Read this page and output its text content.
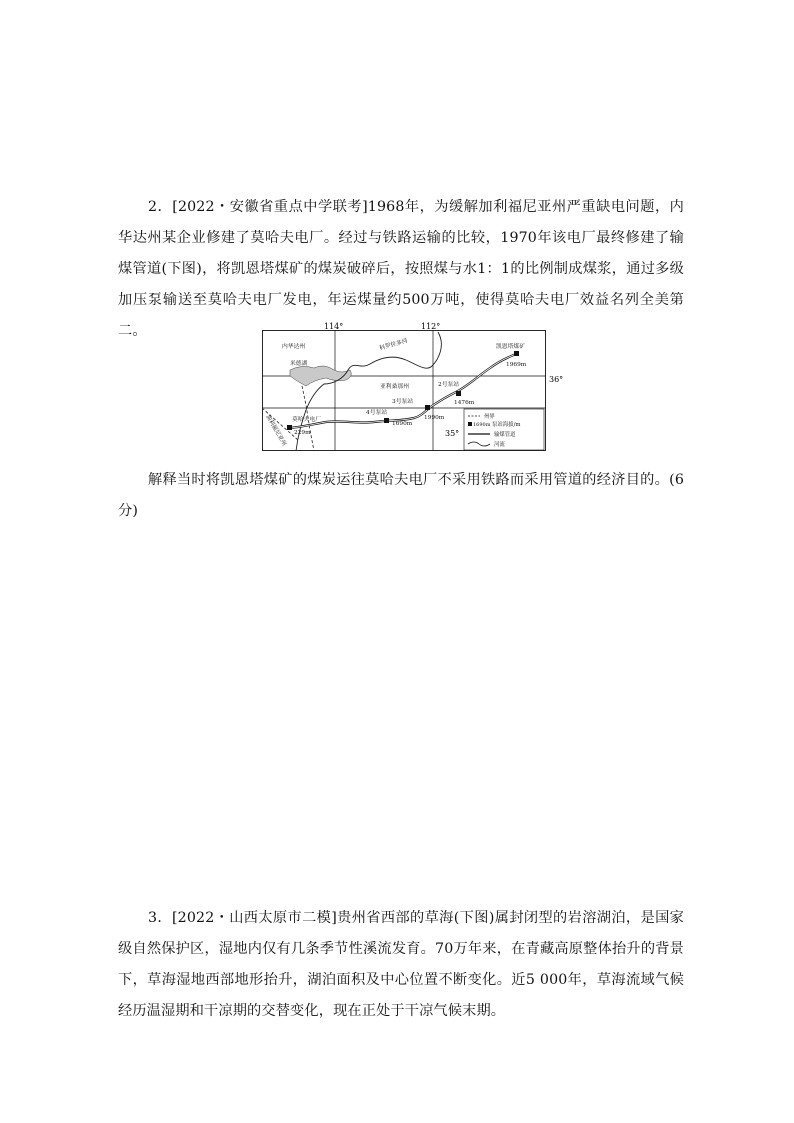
2．[2022・安徽省重点中学联考]1968年，为缓解加利福尼亚州严重缺电问题，内华达州某企业修建了莫哈夫电厂。经过与铁路运输的比较，1970年该电厂最终修建了输煤管道(下图)，将凯恩塔煤矿的煤炭破碎后，按照煤与水1：1的比例制成煤浆，通过多级加压泵输送至莫哈夫电厂发电，年运煤量约500万吨，使得莫哈夫电厂效益名列全美第二。

内华达州
米德湖
科罗拉多河
亚利桑那州
加利福尼亚州 莫哈夫电厂
凯恩塔煤矿
2号泵站
3号泵站
4号泵站
229m
1969m
1476m
1990m
1690m
州界
1690m 泵站海拔/m
输煤管道
河流
114°	112°
36°
35°

解释当时将凯恩塔煤矿的煤炭运往莫哈夫电厂不采用铁路而采用管道的经济目的。(6分)

3．[2022・山西太原市二模]贵州省西部的草海(下图)属封闭型的岩溶湖泊，是国家级自然保护区，湿地内仅有几条季节性溪流发育。70万年来，在青藏高原整体抬升的背景下，草海湿地西部地形抬升，湖泊面积及中心位置不断变化。近5 000年，草海流域气候经历温湿期和干凉期的交替变化，现在正处于干凉气候末期。
